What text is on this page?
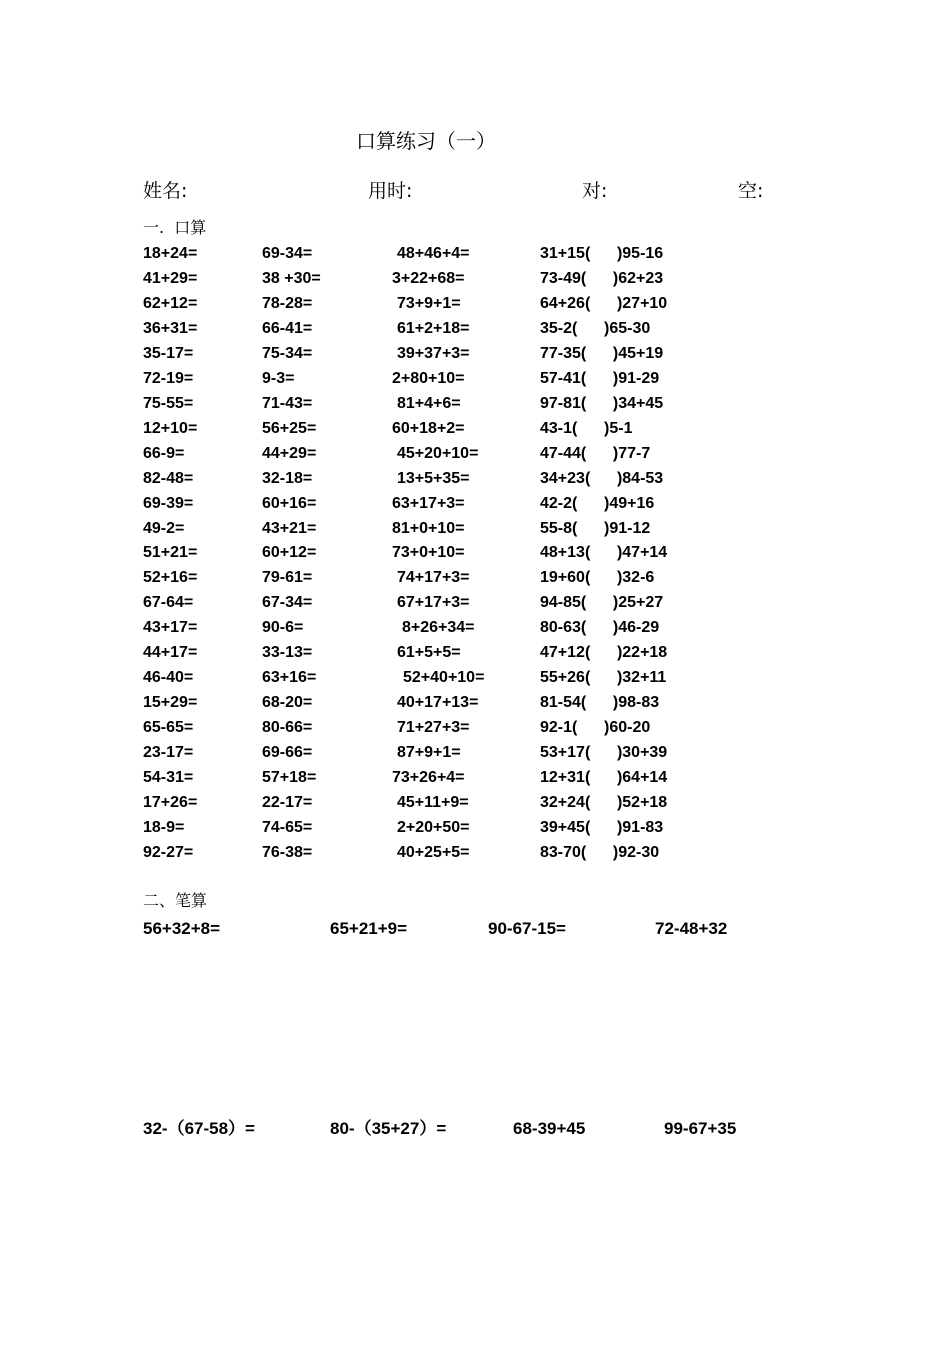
口算练习（一）
姓名:	用时:	对:	空:
一.  口算
18+24=	69-34=	48+46+4=	31+15(      )95-16
41+29=	38 +30=	3+22+68=	73-49(      )62+23
62+12=	78-28=	73+9+1=	64+26(      )27+10
36+31=	66-41=	61+2+18=	35-2(      )65-30
35-17=	75-34=	39+37+3=	77-35(      )45+19
72-19=	9-3=	2+80+10=	57-41(      )91-29
75-55=	71-43=	81+4+6=	97-81(      )34+45
12+10=	56+25=	60+18+2=	43-1(      )5-1
66-9=	44+29=	45+20+10=	47-44(      )77-7
82-48=	32-18=	13+5+35=	34+23(      )84-53
69-39=	60+16=	63+17+3=	42-2(      )49+16
49-2=	43+21=	81+0+10=	55-8(      )91-12
51+21=	60+12=	73+0+10=	48+13(      )47+14
52+16=	79-61=	74+17+3=	19+60(      )32-6
67-64=	67-34=	67+17+3=	94-85(      )25+27
43+17=	90-6=	8+26+34=	80-63(      )46-29
44+17=	33-13=	61+5+5=	47+12(      )22+18
46-40=	63+16=	52+40+10=	55+26(      )32+11
15+29=	68-20=	40+17+13=	81-54(      )98-83
65-65=	80-66=	71+27+3=	92-1(      )60-20
23-17=	69-66=	87+9+1=	53+17(      )30+39
54-31=	57+18=	73+26+4=	12+31(      )64+14
17+26=	22-17=	45+11+9=	32+24(      )52+18
18-9=	74-65=	2+20+50=	39+45(      )91-83
92-27=	76-38=	40+25+5=	83-70(      )92-30
二、笔算
56+32+8=	65+21+9=	90-67-15=	72-48+32
32-（67-58）=	80-（35+27）=	68-39+45	99-67+35
